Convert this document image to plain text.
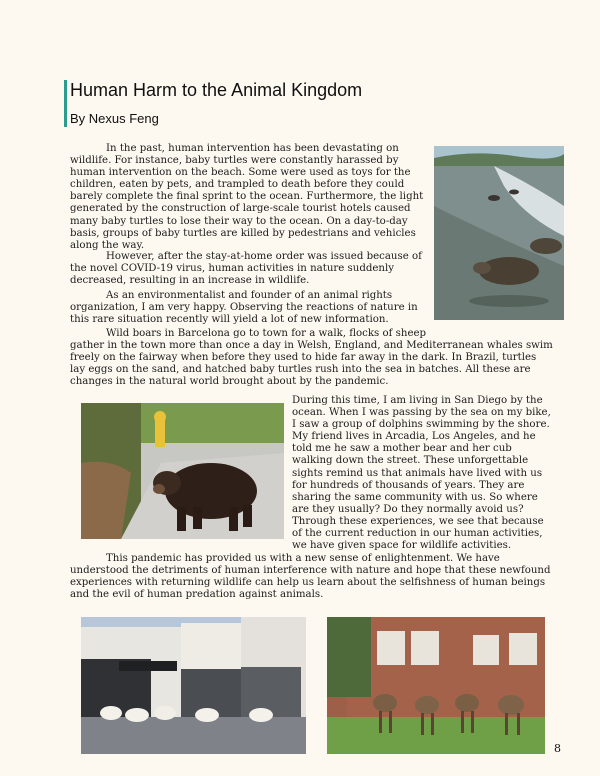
Human Harm to the Animal Kingdom
By Nexus Feng

In the past, human intervention has been devastating on wildlife. For instance, baby turtles were constantly harassed by human intervention on the beach. Some were used as toys for the children, eaten by pets, and trampled to death before they could barely complete the final sprint to the ocean. Furthermore, the light generated by the construction of large-scale tourist hotels caused many baby turtles to lose their way to the ocean. On a day-to-day basis, groups of baby turtles are killed by pedestrians and vehicles along the way.

However, after the stay-at-home order was issued because of the novel COVID-19 virus, human activities in nature suddenly decreased, resulting in an increase in wildlife.

As an environmentalist and founder of an animal rights organization, I am very happy. Observing the reactions of nature in this rare situation recently will yield a lot of new information.

Wild boars in Barcelona go to town for a walk, flocks of sheep

gather in the town more than once a day in Welsh, England, and Mediterranean whales swim freely on the fairway when before they used to hide far away in the dark. In Brazil, turtles lay eggs on the sand, and hatched baby turtles rush into the sea in batches. All these are changes in the natural world brought about by the pandemic.

During this time, I am living in San Diego by the ocean. When I was passing by the sea on my bike, I saw a group of dolphins swimming by the shore. My friend lives in Arcadia, Los Angeles, and he told me he saw a mother bear and her cub walking down the street. These unforgettable sights remind us that animals have lived with us for hundreds of thousands of years. They are sharing the same community with us. So where are they usually? Do they normally avoid us? Through these experiences, we see that because of the current reduction in our human activities, we have given space for wildlife activities.

This pandemic has provided us with a new sense of enlightenment. We have understood the detriments of human interference with nature and hope that these newfound experiences with returning wildlife can help us learn about the selfishness of human beings and the evil of human predation against animals.

8
